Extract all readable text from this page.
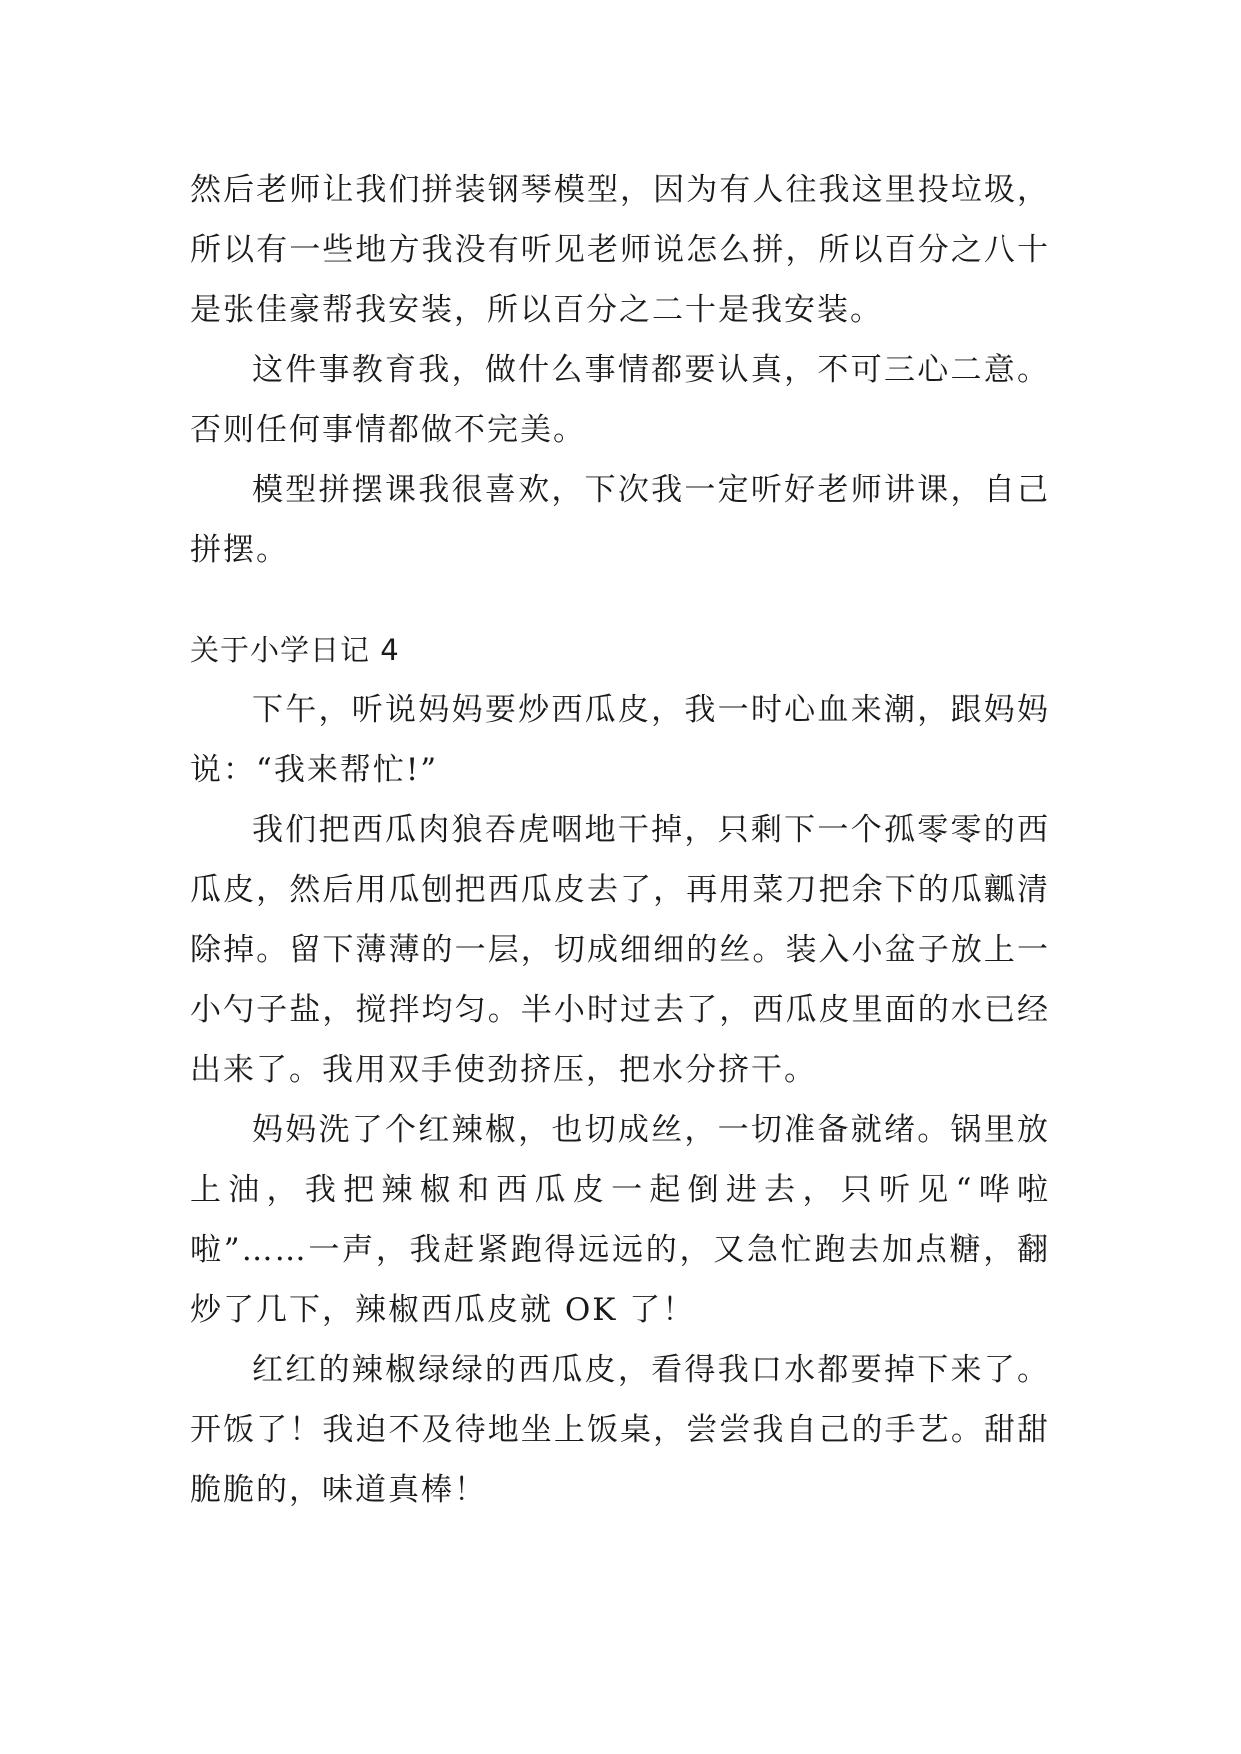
然后老师让我们拼装钢琴模型，因为有人往我这里投垃圾，所以有一些地方我没有听见老师说怎么拼，所以百分之八十是张佳豪帮我安装，所以百分之二十是我安装。

这件事教育我，做什么事情都要认真，不可三心二意。否则任何事情都做不完美。

模型拼摆课我很喜欢，下次我一定听好老师讲课，自己拼摆。

关于小学日记 4

下午，听说妈妈要炒西瓜皮，我一时心血来潮，跟妈妈说：“我来帮忙!”

我们把西瓜肉狼吞虎咽地干掉，只剩下一个孤零零的西瓜皮，然后用瓜刨把西瓜皮去了，再用菜刀把余下的瓜瓤清除掉。留下薄薄的一层，切成细细的丝。装入小盆子放上一小勺子盐，搅拌均匀。半小时过去了，西瓜皮里面的水已经出来了。我用双手使劲挤压，把水分挤干。

妈妈洗了个红辣椒，也切成丝，一切准备就绪。锅里放上油，我把辣椒和西瓜皮一起倒进去，只听见“哗啦啦”……一声，我赶紧跑得远远的，又急忙跑去加点糖，翻炒了几下，辣椒西瓜皮就 OK 了！

红红的辣椒绿绿的西瓜皮，看得我口水都要掉下来了。开饭了！我迫不及待地坐上饭桌，尝尝我自己的手艺。甜甜脆脆的，味道真棒！
